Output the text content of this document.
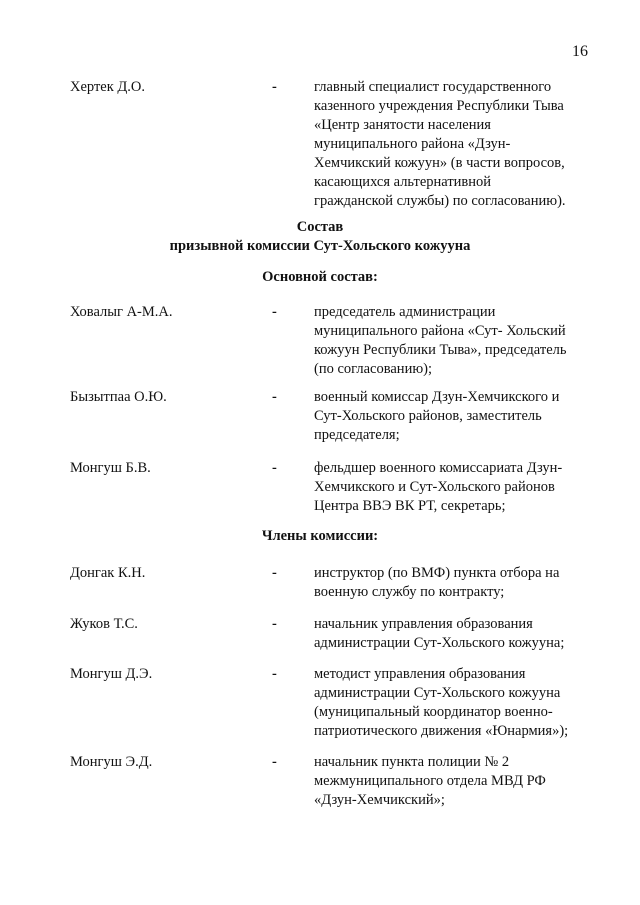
16
Хертек Д.О.	-	главный специалист государственного
казенного учреждения Республики Тыва
«Центр занятости населения
муниципального района «Дзун-
Хемчикский кожуун» (в части вопросов,
касающихся альтернативной
гражданской службы) по согласованию).
Состав
призывной комиссии Сут-Хольского кожууна
Основной состав:
Ховалыг А-М.А.	-	председатель администрации
муниципального района «Сут- Хольский
кожуун Республики Тыва», председатель
(по согласованию);
Бызытпаа О.Ю.	-	военный комиссар Дзун-Хемчикского и
Сут-Хольского районов, заместитель
председателя;
Монгуш Б.В.	-	фельдшер военного комиссариата Дзун-
Хемчикского и Сут-Хольского районов
Центра ВВЭ ВК РТ, секретарь;
Члены комиссии:
Донгак К.Н.	-	инструктор (по ВМФ) пункта отбора на
военную службу по контракту;
Жуков Т.С.	-	начальник управления образования
администрации Сут-Хольского кожууна;
Монгуш Д.Э.	-	методист управления образования
администрации Сут-Хольского кожууна
(муниципальный координатор военно-
патриотического движения «Юнармия»);
Монгуш Э.Д.	-	начальник пункта полиции № 2
межмуниципального отдела МВД РФ
«Дзун-Хемчикский»;
